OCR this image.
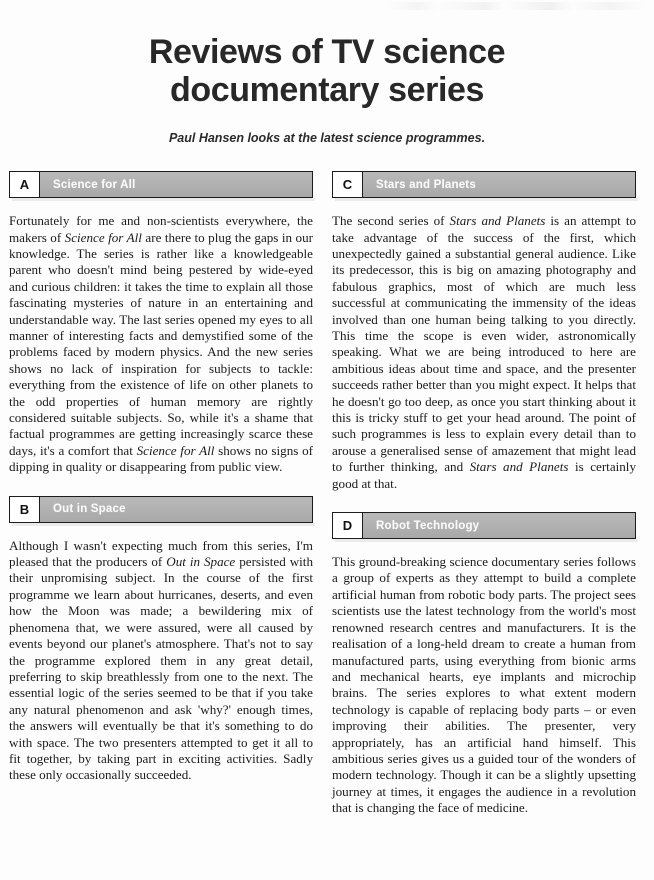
Reviews of TV science documentary series

Paul Hansen looks at the latest science programmes.

A	Science for All
Fortunately for me and non-scientists everywhere, the makers of Science for All are there to plug the gaps in our knowledge. The series is rather like a knowledgeable parent who doesn't mind being pestered by wide-eyed and curious children: it takes the time to explain all those fascinating mysteries of nature in an entertaining and understandable way. The last series opened my eyes to all manner of interesting facts and demystified some of the problems faced by modern physics. And the new series shows no lack of inspiration for subjects to tackle: everything from the existence of life on other planets to the odd properties of human memory are rightly considered suitable subjects. So, while it's a shame that factual programmes are getting increasingly scarce these days, it's a comfort that Science for All shows no signs of dipping in quality or disappearing from public view.
B	Out in Space
Although I wasn't expecting much from this series, I'm pleased that the producers of Out in Space persisted with their unpromising subject. In the course of the first programme we learn about hurricanes, deserts, and even how the Moon was made; a bewildering mix of phenomena that, we were assured, were all caused by events beyond our planet's atmosphere. That's not to say the programme explored them in any great detail, preferring to skip breathlessly from one to the next. The essential logic of the series seemed to be that if you take any natural phenomenon and ask 'why?' enough times, the answers will eventually be that it's something to do with space. The two presenters attempted to get it all to fit together, by taking part in exciting activities. Sadly these only occasionally succeeded.
C	Stars and Planets
The second series of Stars and Planets is an attempt to take advantage of the success of the first, which unexpectedly gained a substantial general audience. Like its predecessor, this is big on amazing photography and fabulous graphics, most of which are much less successful at communicating the immensity of the ideas involved than one human being talking to you directly. This time the scope is even wider, astronomically speaking. What we are being introduced to here are ambitious ideas about time and space, and the presenter succeeds rather better than you might expect. It helps that he doesn't go too deep, as once you start thinking about it this is tricky stuff to get your head around. The point of such programmes is less to explain every detail than to arouse a generalised sense of amazement that might lead to further thinking, and Stars and Planets is certainly good at that.
D	Robot Technology
This ground-breaking science documentary series follows a group of experts as they attempt to build a complete artificial human from robotic body parts. The project sees scientists use the latest technology from the world's most renowned research centres and manufacturers. It is the realisation of a long-held dream to create a human from manufactured parts, using everything from bionic arms and mechanical hearts, eye implants and microchip brains. The series explores to what extent modern technology is capable of replacing body parts – or even improving their abilities. The presenter, very appropriately, has an artificial hand himself. This ambitious series gives us a guided tour of the wonders of modern technology. Though it can be a slightly upsetting journey at times, it engages the audience in a revolution that is changing the face of medicine.
